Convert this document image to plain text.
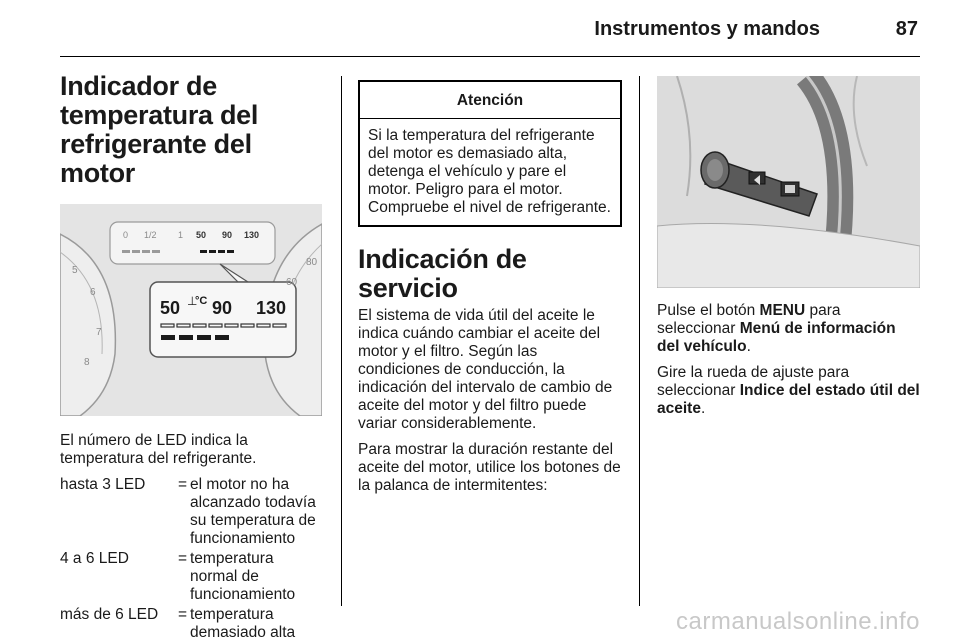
Instrumentos y mandos	87
Indicador de temperatura del refrigerante del motor
0 1/2 1 50 90 130
50 90 130
⊥
°C
5
6
7
8
80
60

El número de LED indica la temperatura del refrigerante.

hasta 3 LED	= el motor no ha alcanzado todavía su temperatura de funcionamiento
4 a 6 LED	= temperatura normal de funcionamiento
más de 6 LED	= temperatura demasiado alta
Atención
Si la temperatura del refrigerante del motor es demasiado alta, detenga el vehículo y pare el motor. Peligro para el motor. Compruebe el nivel de refrigerante.
Indicación de servicio

El sistema de vida útil del aceite le indica cuándo cambiar el aceite del motor y el filtro. Según las condiciones de conducción, la indicación del intervalo de cambio de aceite del motor y del filtro puede variar considerablemente.

Para mostrar la duración restante del aceite del motor, utilice los botones de la palanca de intermitentes:

Pulse el botón MENU para seleccionar Menú de información del vehículo.

Gire la rueda de ajuste para seleccionar Indice del estado útil del aceite.

carmanualsonline.info
